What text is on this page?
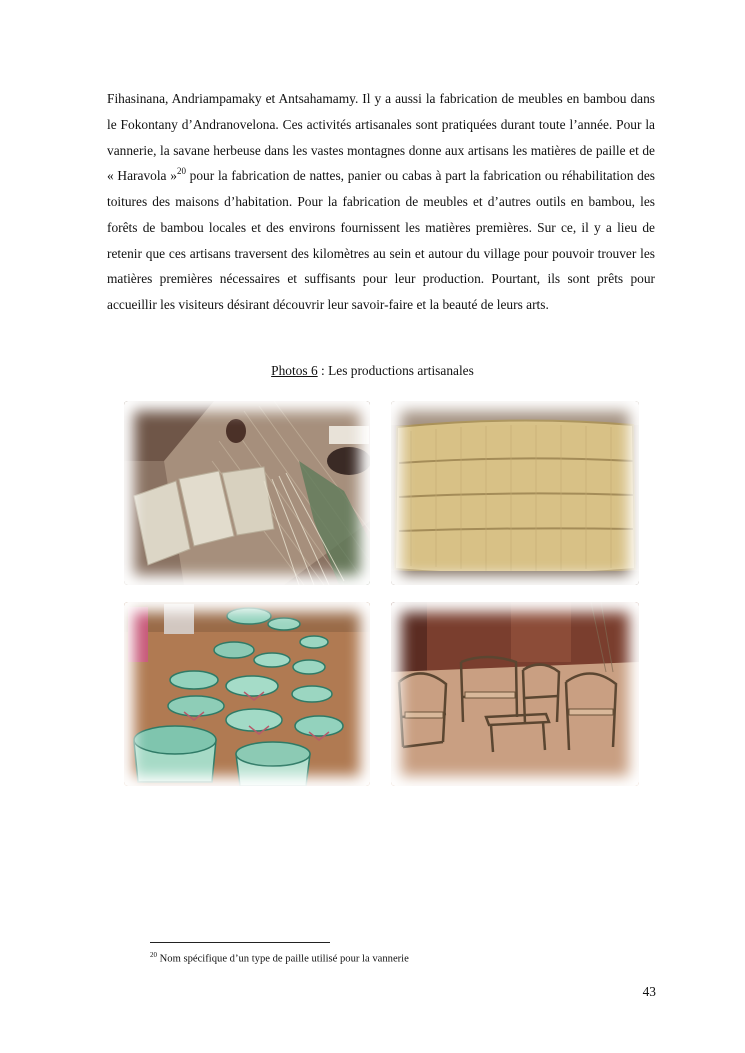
Fihasinana, Andriampamaky et Antsahamamy. Il y a aussi la fabrication de meubles en bambou dans le Fokontany d’Andranovelona. Ces activités artisanales sont pratiquées durant toute l’année. Pour la vannerie, la savane herbeuse dans les vastes montagnes donne aux artisans les matières de paille et de « Haravola »$^{20}$ pour la fabrication de nattes, panier ou cabas à part la fabrication ou réhabilitation des toitures des maisons d’habitation. Pour la fabrication de meubles et d’autres outils en bambou, les forêts de bambou locales et des environs fournissent les matières premières. Sur ce, il y a lieu de retenir que ces artisans traversent des kilomètres au sein et autour du village pour pouvoir trouver les matières premières nécessaires et suffisants pour leur production. Pourtant, ils sont prêts pour accueillir les visiteurs désirant découvrir leur savoir-faire et la beauté de leurs arts.

Photos 6 : Les productions artisanales

$^{20}$ Nom spécifique d’un type de paille utilisé pour la vannerie

43
